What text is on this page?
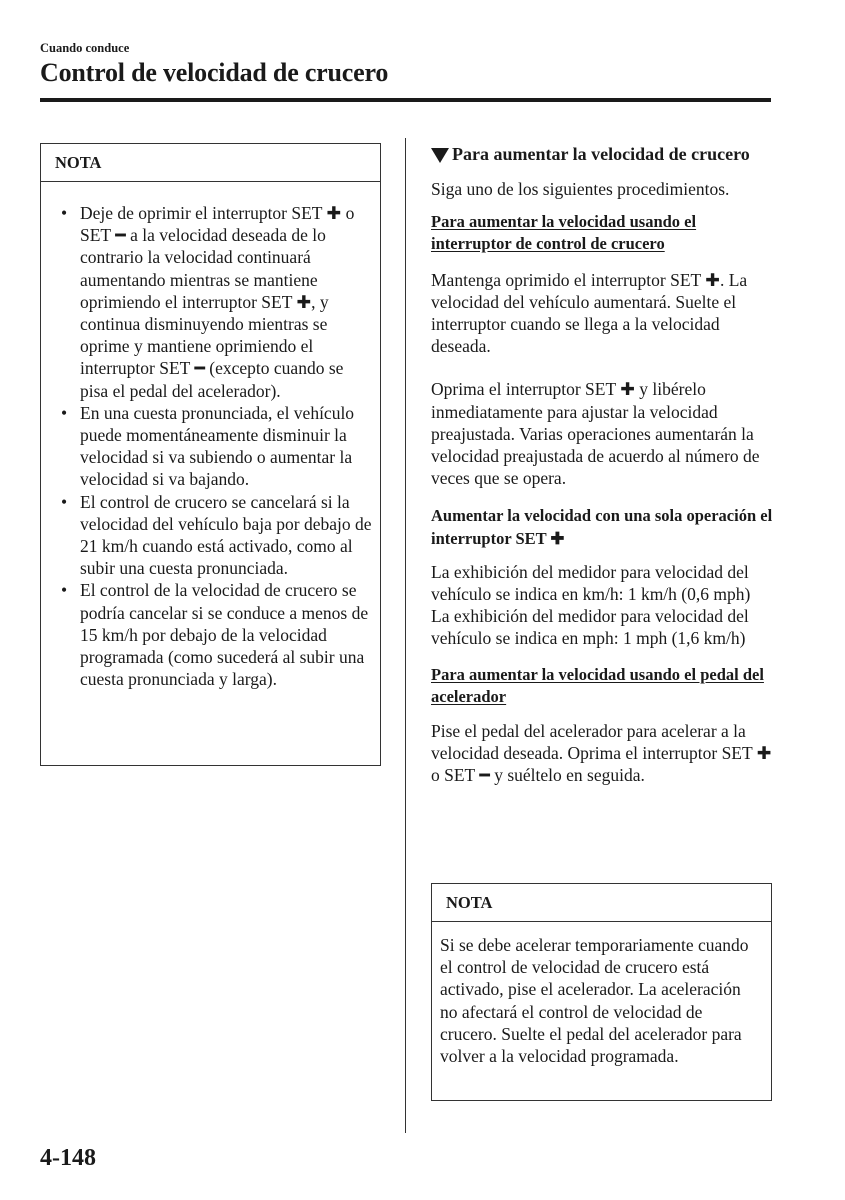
Cuando conduce
Control de velocidad de crucero
NOTA
• Deje de oprimir el interruptor SET ✚ o SET ━ a la velocidad deseada de lo contrario la velocidad continuará aumentando mientras se mantiene oprimiendo el interruptor SET ✚, y continua disminuyendo mientras se oprime y mantiene oprimiendo el interruptor SET ━ (excepto cuando se pisa el pedal del acelerador).
• En una cuesta pronunciada, el vehículo puede momentáneamente disminuir la velocidad si va subiendo o aumentar la velocidad si va bajando.
• El control de crucero se cancelará si la velocidad del vehículo baja por debajo de 21 km/h cuando está activado, como al subir una cuesta pronunciada.
• El control de la velocidad de crucero se podría cancelar si se conduce a menos de 15 km/h por debajo de la velocidad programada (como sucederá al subir una cuesta pronunciada y larga).

Para aumentar la velocidad de crucero

Siga uno de los siguientes procedimientos.

Para aumentar la velocidad usando el interruptor de control de crucero

Mantenga oprimido el interruptor SET ✚. La velocidad del vehículo aumentará. Suelte el interruptor cuando se llega a la velocidad deseada.

Oprima el interruptor SET ✚ y libérelo inmediatamente para ajustar la velocidad preajustada. Varias operaciones aumentarán la velocidad preajustada de acuerdo al número de veces que se opera.

Aumentar la velocidad con una sola operación el interruptor SET ✚

La exhibición del medidor para velocidad del vehículo se indica en km/h: 1 km/h (0,6 mph)

La exhibición del medidor para velocidad del vehículo se indica en mph: 1 mph (1,6 km/h)

Para aumentar la velocidad usando el pedal del acelerador

Pise el pedal del acelerador para acelerar a la velocidad deseada. Oprima el interruptor SET ✚ o SET ━ y suéltelo en seguida.

NOTA
Si se debe acelerar temporariamente cuando el control de velocidad de crucero está activado, pise el acelerador. La aceleración no afectará el control de velocidad de crucero. Suelte el pedal del acelerador para volver a la velocidad programada.
4-148
